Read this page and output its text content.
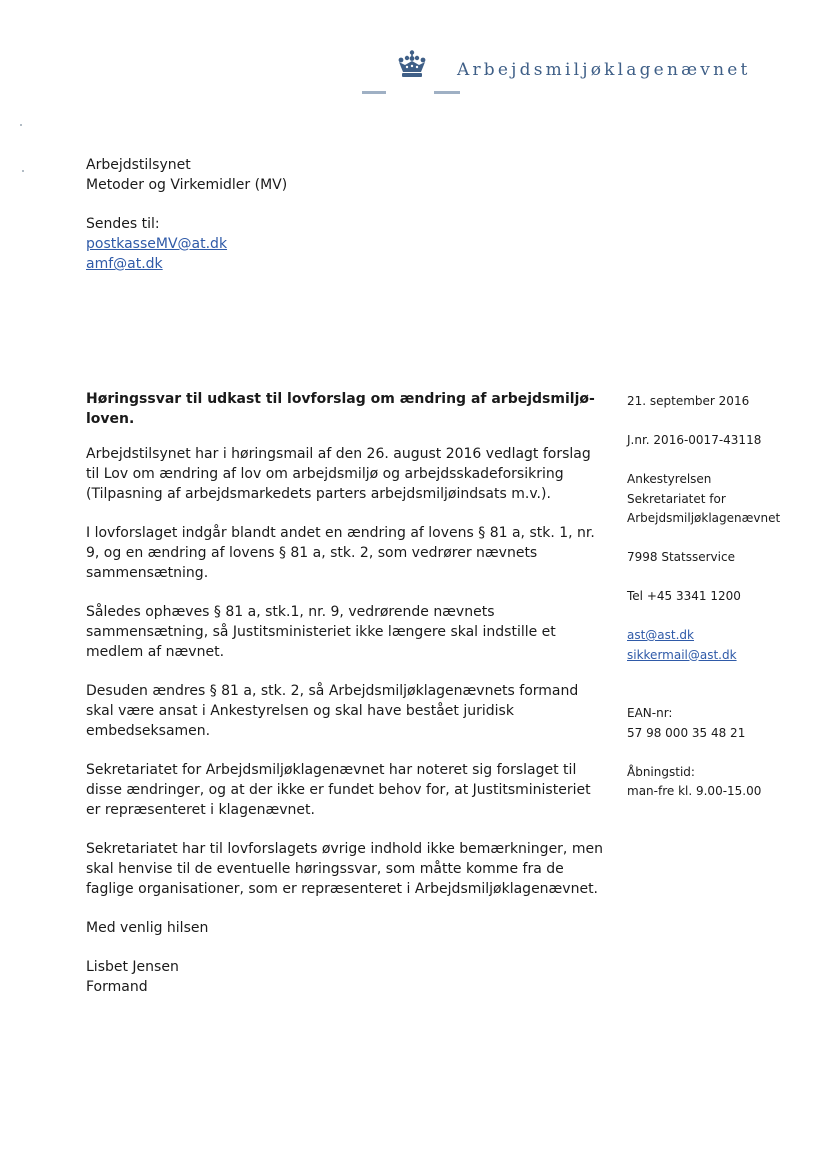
Arbejdsmiljøklagenævnet
Arbejdstilsynet
Metoder og Virkemidler (MV)
Sendes til:
postkasseMV@at.dk
amf@at.dk
Høringssvar til udkast til lovforslag om ændring af arbejdsmiljø-loven.
Arbejdstilsynet har i høringsmail af den 26. august 2016 vedlagt forslag til Lov om ændring af lov om arbejdsmiljø og arbejdsskadeforsikring (Tilpasning af arbejdsmarkedets parters arbejdsmiljøindsats m.v.).
I lovforslaget indgår blandt andet en ændring af lovens § 81 a, stk. 1, nr. 9, og en ændring af lovens § 81 a, stk. 2, som vedrører nævnets sammensætning.
Således ophæves § 81 a, stk.1, nr. 9, vedrørende nævnets sammensætning, så Justitsministeriet ikke længere skal indstille et medlem af nævnet.
Desuden ændres § 81 a, stk. 2, så Arbejdsmiljøklagenævnets formand skal være ansat i Ankestyrelsen og skal have bestået juridisk embedseksamen.
Sekretariatet for Arbejdsmiljøklagenævnet har noteret sig forslaget til disse ændringer, og at der ikke er fundet behov for, at Justitsministeriet er repræsenteret i klagenævnet.
Sekretariatet har til lovforslagets øvrige indhold ikke bemærkninger, men skal henvise til de eventuelle høringssvar, som måtte komme fra de faglige organisationer, som er repræsenteret i Arbejdsmiljøklagenævnet.
Med venlig hilsen
Lisbet Jensen
Formand
21. september 2016
J.nr. 2016-0017-43118
Ankestyrelsen
Sekretariatet for
Arbejdsmiljøklagenævnet
7998 Statsservice
Tel +45 3341 1200
ast@ast.dk
sikkermail@ast.dk
EAN-nr:
57 98 000 35 48 21
Åbningstid:
man-fre kl. 9.00-15.00
